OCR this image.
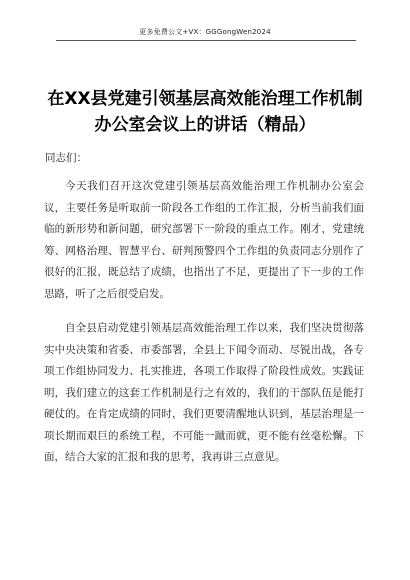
更多免费公文+VX：GGGongWen2024
在XX县党建引领基层高效能治理工作机制办公室会议上的讲话（精品）
同志们：

今天我们召开这次党建引领基层高效能治理工作机制办公室会议，主要任务是听取前一阶段各工作组的工作汇报，分析当前我们面临的新形势和新问题，研究部署下一阶段的重点工作。刚才，党建统筹、网格治理、智慧平台、研判预警四个工作组的负责同志分别作了很好的汇报，既总结了成绩，也指出了不足，更提出了下一步的工作思路，听了之后很受启发。

自全县启动党建引领基层高效能治理工作以来，我们坚决贯彻落实中央决策和省委、市委部署，全县上下闻令而动、尽锐出战，各专项工作组协同发力、扎实推进，各项工作取得了阶段性成效。实践证明，我们建立的这套工作机制是行之有效的，我们的干部队伍是能打硬仗的。在肯定成绩的同时，我们更要清醒地认识到，基层治理是一项长期而艰巨的系统工程，不可能一蹴而就，更不能有丝毫松懈。下面，结合大家的汇报和我的思考，我再讲三点意见。
